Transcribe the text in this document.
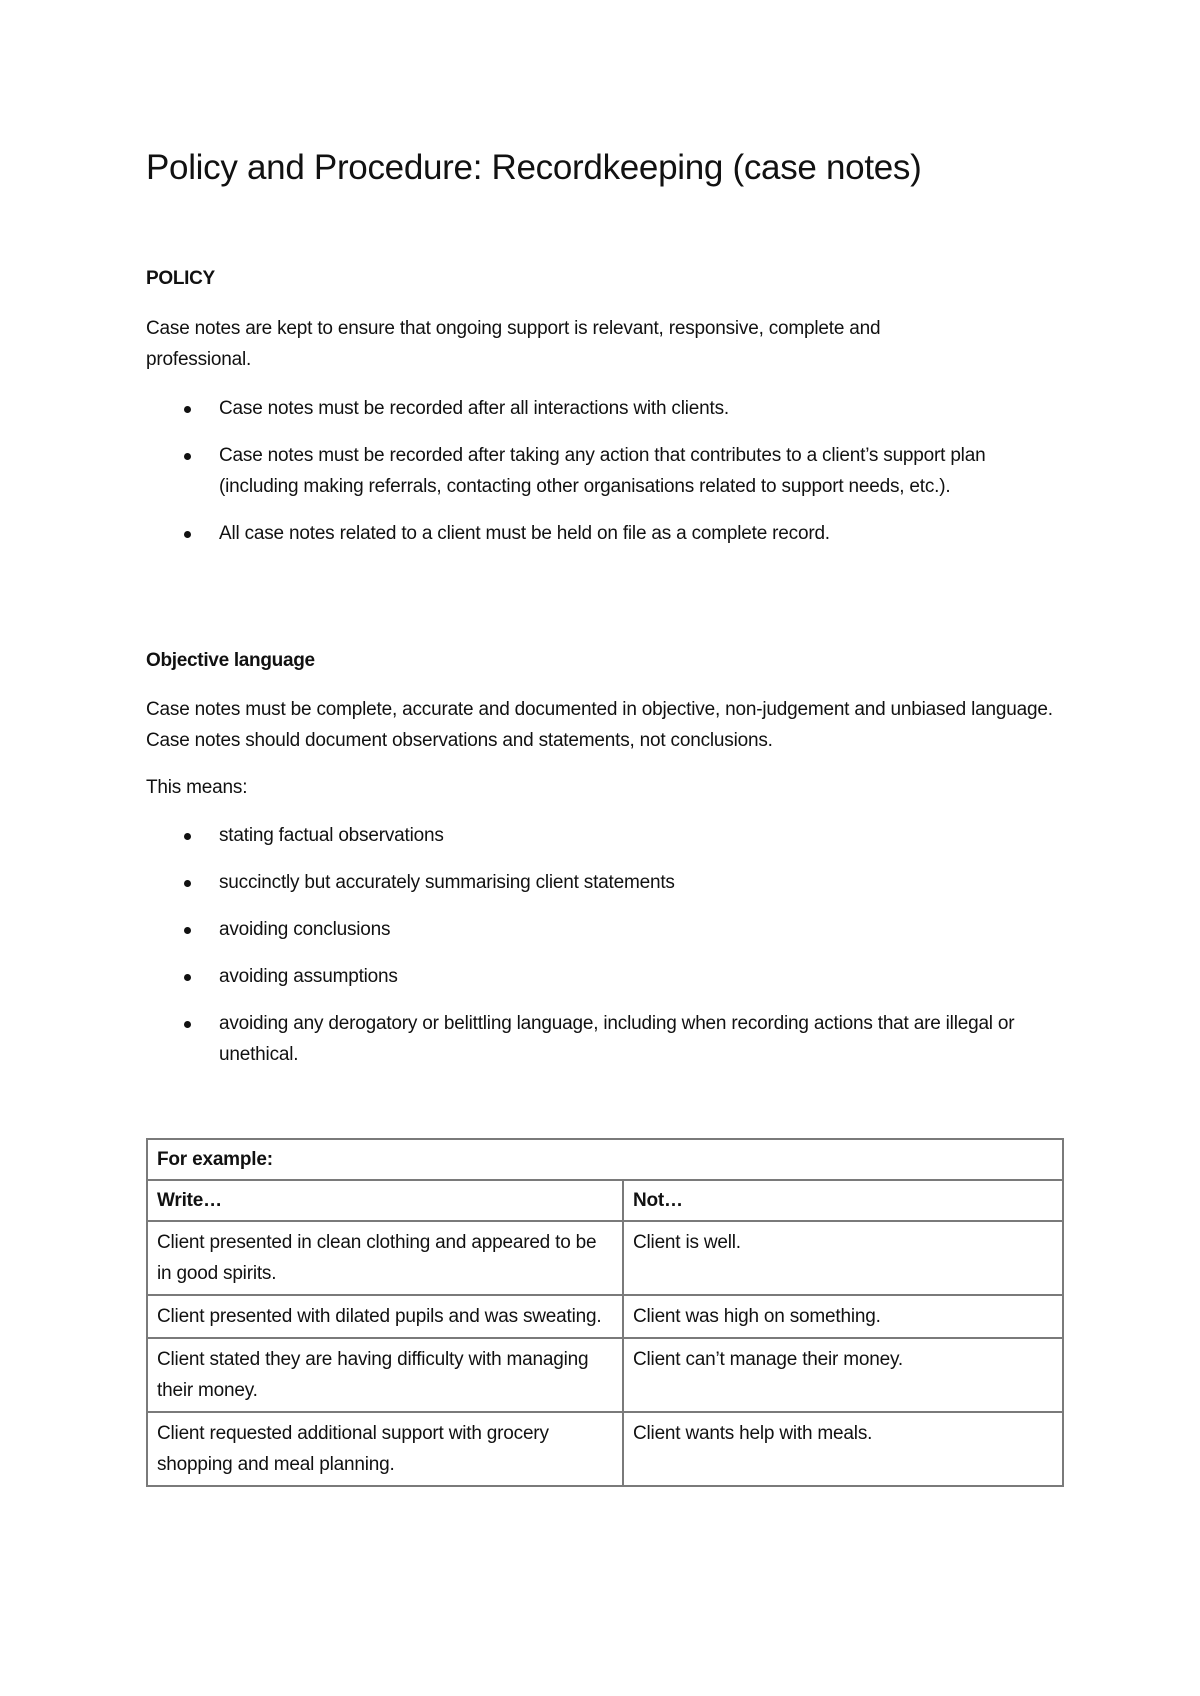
Policy and Procedure: Recordkeeping (case notes)
POLICY

Case notes are kept to ensure that ongoing support is relevant, responsive, complete and professional.

Case notes must be recorded after all interactions with clients.
Case notes must be recorded after taking any action that contributes to a client’s support plan (including making referrals, contacting other organisations related to support needs, etc.).
All case notes related to a client must be held on file as a complete record.
Objective language

Case notes must be complete, accurate and documented in objective, non-judgement and unbiased language. Case notes should document observations and statements, not conclusions.

This means:

stating factual observations
succinctly but accurately summarising client statements
avoiding conclusions
avoiding assumptions
avoiding any derogatory or belittling language, including when recording actions that are illegal or unethical.
For example:	
Write…	Not…
Client presented in clean clothing and appeared to be in good spirits.	Client is well.
Client presented with dilated pupils and was sweating.	Client was high on something.
Client stated they are having difficulty with managing their money.	Client can’t manage their money.
Client requested additional support with grocery shopping and meal planning.	Client wants help with meals.
